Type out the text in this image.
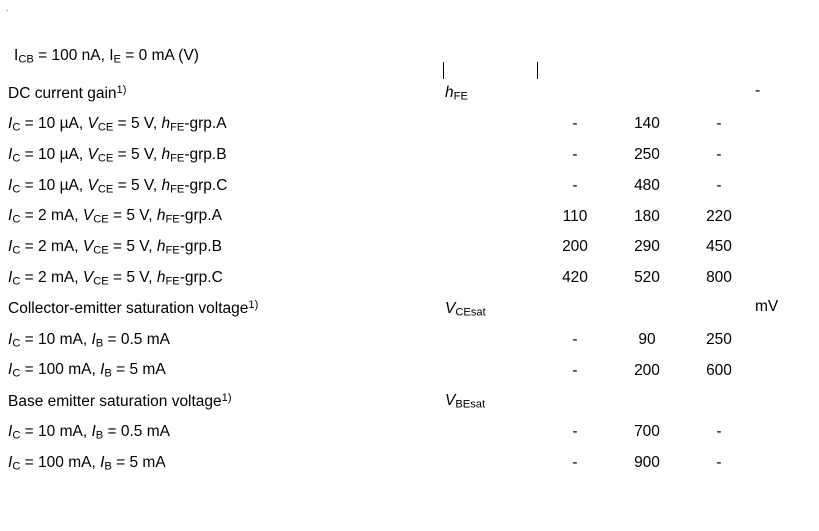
.
$I_{CB} = 100$ nA, $I_E = 0$ mA (V)
DC current gain$^{1)}$	$h_{FE}$				-
$I_C = 10$ µA, $V_{CE} = 5$ V, $h_{FE}-grp.A$		-	140	-	
$I_C = 10$ µA, $V_{CE} = 5$ V, $h_{FE}-grp.B$		-	250	-	
$I_C = 10$ µA, $V_{CE} = 5$ V, $h_{FE}-grp.C$		-	480	-	
$I_C = 2$ mA, $V_{CE} = 5$ V, $h_{FE}-grp.A$		110	180	220	
$I_C = 2$ mA, $V_{CE} = 5$ V, $h_{FE}-grp.B$		200	290	450	
$I_C = 2$ mA, $V_{CE} = 5$ V, $h_{FE}-grp.C$		420	520	800	
Collector-emitter saturation voltage$^{1)}$	$V_{CEsat}$				mV
$I_C = 10$ mA, $I_B = 0.5$ mA		-	90	250	
$I_C = 100$ mA, $I_B = 5$ mA		-	200	600	
Base emitter saturation voltage$^{1)}$	$V_{BEsat}$				
$I_C = 10$ mA, $I_B = 0.5$ mA		-	700	-	
$I_C = 100$ mA, $I_B = 5$ mA		-	900	-	
